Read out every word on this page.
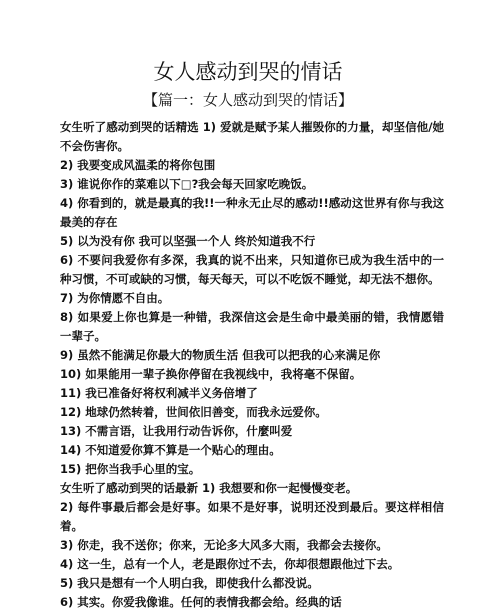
女人感动到哭的情话
【篇一：女人感动到哭的情话】
女生听了感动到哭的话精选 1) 爱就是赋予某人摧毁你的力量，却坚信他/她不会伤害你。
2) 我要变成风温柔的将你包围
3) 谁说你作的菜难以下□?我会每天回家吃晚饭。
4) 你看到的，就是最真的我!!一种永无止尽的感动!!感动这世界有你与我这最美的存在
5) 以为没有你 我可以坚强一个人 终於知道我不行
6) 不要问我爱你有多深，我真的说不出来，只知道你已成为我生活中的一种习惯，不可或缺的习惯，每天每天，可以不吃饭不睡觉，却无法不想你。
7) 为你情愿不自由。
8) 如果爱上你也算是一种错，我深信这会是生命中最美丽的错，我情愿错一辈子。
9) 虽然不能满足你最大的物质生活 但我可以把我的心来满足你
10) 如果能用一辈子换你停留在我视线中，我将毫不保留。
11) 我已准备好将权利减半义务倍增了
12) 地球仍然转着，世间依旧善变，而我永远爱你。
13) 不需言语，让我用行动告诉你，什麼叫爱
14) 不知道爱你算不算是一个贴心的理由。
15) 把你当我手心里的宝。
女生听了感动到哭的话最新 1) 我想要和你一起慢慢变老。
2) 每件事最后都会是好事。如果不是好事，说明还没到最后。要这样相信着。
3) 你走，我不送你；你来，无论多大风多大雨，我都会去接你。
4) 这一生，总有一个人，老是跟你过不去，你却很想跟他过下去。
5) 我只是想有一个人明白我，即使我什么都没说。
6) 其实。你爱我像谁。任何的表情我都会给。经典的话
